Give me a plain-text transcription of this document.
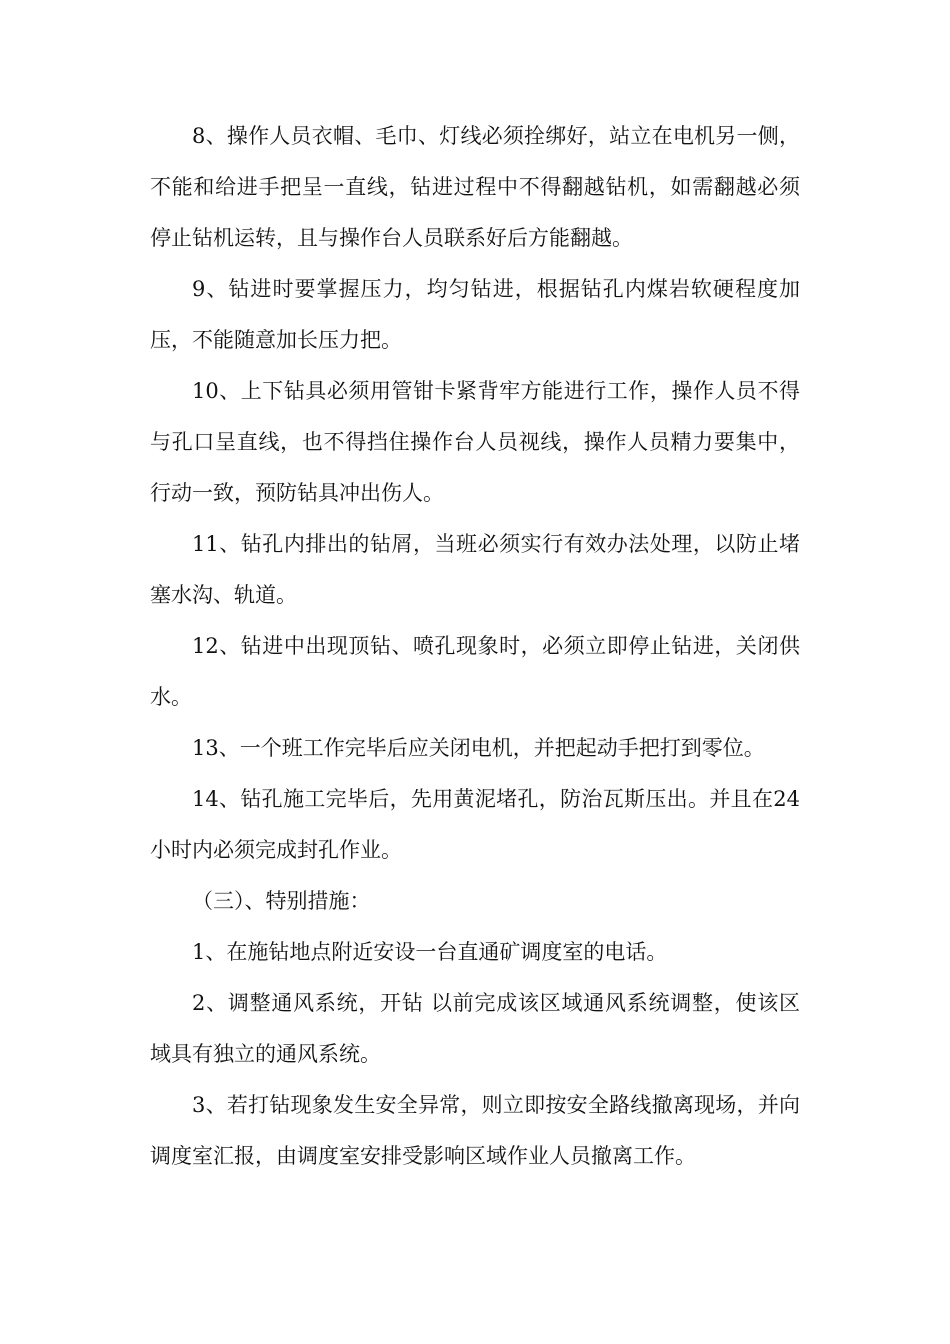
8、操作人员衣帽、毛巾、灯线必须拴绑好，站立在电机另一侧，不能和给进手把呈一直线，钻进过程中不得翻越钻机，如需翻越必须停止钻机运转，且与操作台人员联系好后方能翻越。

9、钻进时要掌握压力，均匀钻进，根据钻孔内煤岩软硬程度加压，不能随意加长压力把。

10、上下钻具必须用管钳卡紧背牢方能进行工作，操作人员不得与孔口呈直线，也不得挡住操作台人员视线，操作人员精力要集中，行动一致，预防钻具冲出伤人。

11、钻孔内排出的钻屑，当班必须实行有效办法处理，以防止堵塞水沟、轨道。

12、钻进中出现顶钻、喷孔现象时，必须立即停止钻进，关闭供水。

13、一个班工作完毕后应关闭电机，并把起动手把打到零位。

14、钻孔施工完毕后，先用黄泥堵孔，防治瓦斯压出。并且在24小时内必须完成封孔作业。

（三）、特别措施：

1、在施钻地点附近安设一台直通矿调度室的电话。

2、调整通风系统，开钻 以前完成该区域通风系统调整，使该区域具有独立的通风系统。

3、若打钻现象发生安全异常，则立即按安全路线撤离现场，并向调度室汇报，由调度室安排受影响区域作业人员撤离工作。
